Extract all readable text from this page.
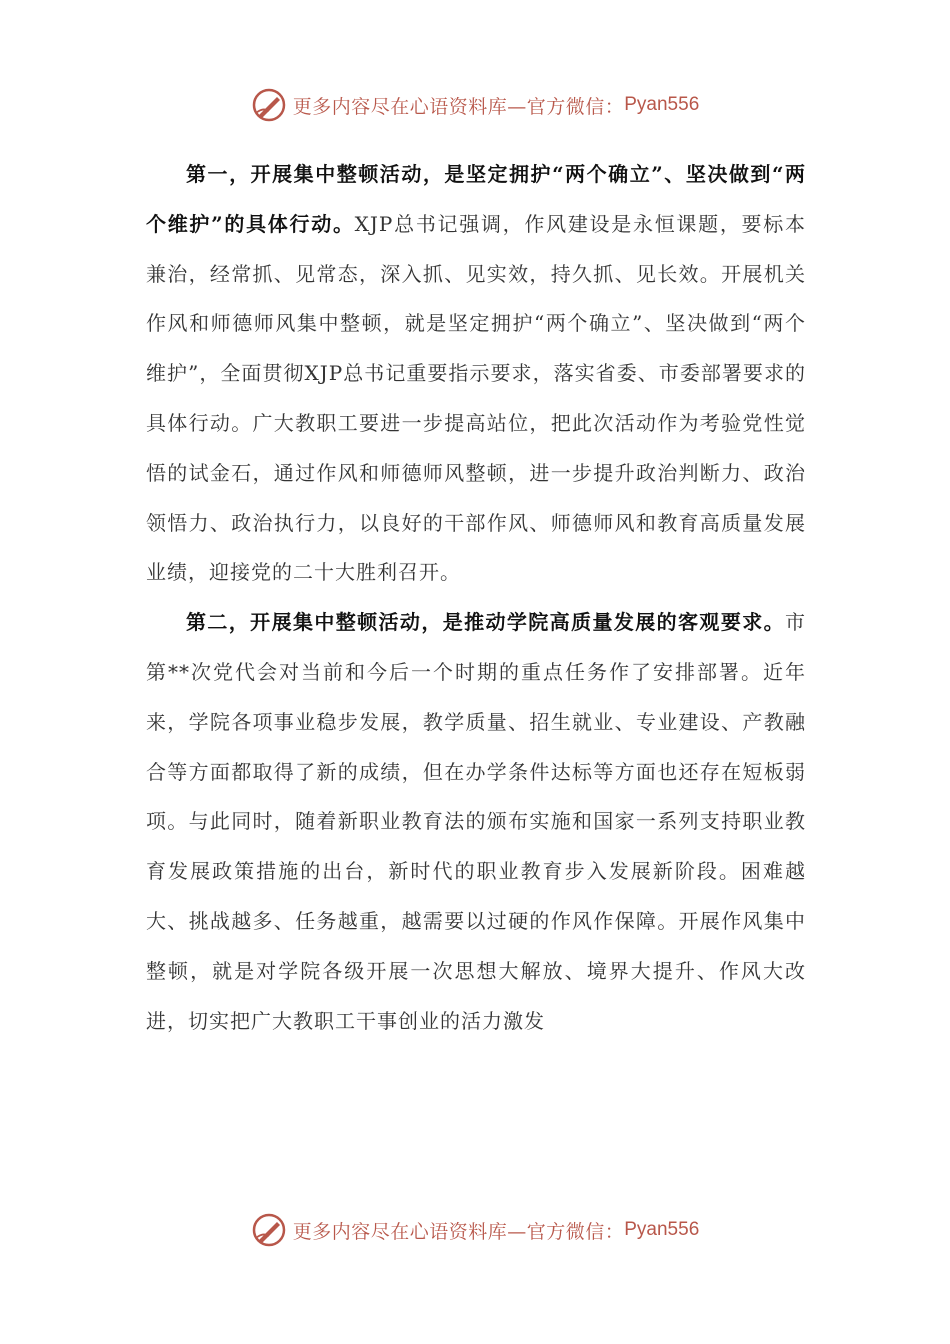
更多内容尽在心语资料库—官方微信： Pyan556

第一，开展集中整顿活动，是坚定拥护“两个确立”、坚决做到“两个维护”的具体行动。XJP总书记强调，作风建设是永恒课题，要标本兼治，经常抓、见常态，深入抓、见实效，持久抓、见长效。开展机关作风和师德师风集中整顿，就是坚定拥护“两个确立”、坚决做到“两个维护”，全面贯彻XJP总书记重要指示要求，落实省委、市委部署要求的具体行动。广大教职工要进一步提高站位，把此次活动作为考验党性觉悟的试金石，通过作风和师德师风整顿，进一步提升政治判断力、政治领悟力、政治执行力，以良好的干部作风、师德师风和教育高质量发展业绩，迎接党的二十大胜利召开。

第二，开展集中整顿活动，是推动学院高质量发展的客观要求。市第**次党代会对当前和今后一个时期的重点任务作了安排部署。近年来，学院各项事业稳步发展，教学质量、招生就业、专业建设、产教融合等方面都取得了新的成绩，但在办学条件达标等方面也还存在短板弱项。与此同时，随着新职业教育法的颁布实施和国家一系列支持职业教育发展政策措施的出台，新时代的职业教育步入发展新阶段。困难越大、挑战越多、任务越重，越需要以过硬的作风作保障。开展作风集中整顿，就是对学院各级开展一次思想大解放、境界大提升、作风大改进，切实把广大教职工干事创业的活力激发

更多内容尽在心语资料库—官方微信： Pyan556
